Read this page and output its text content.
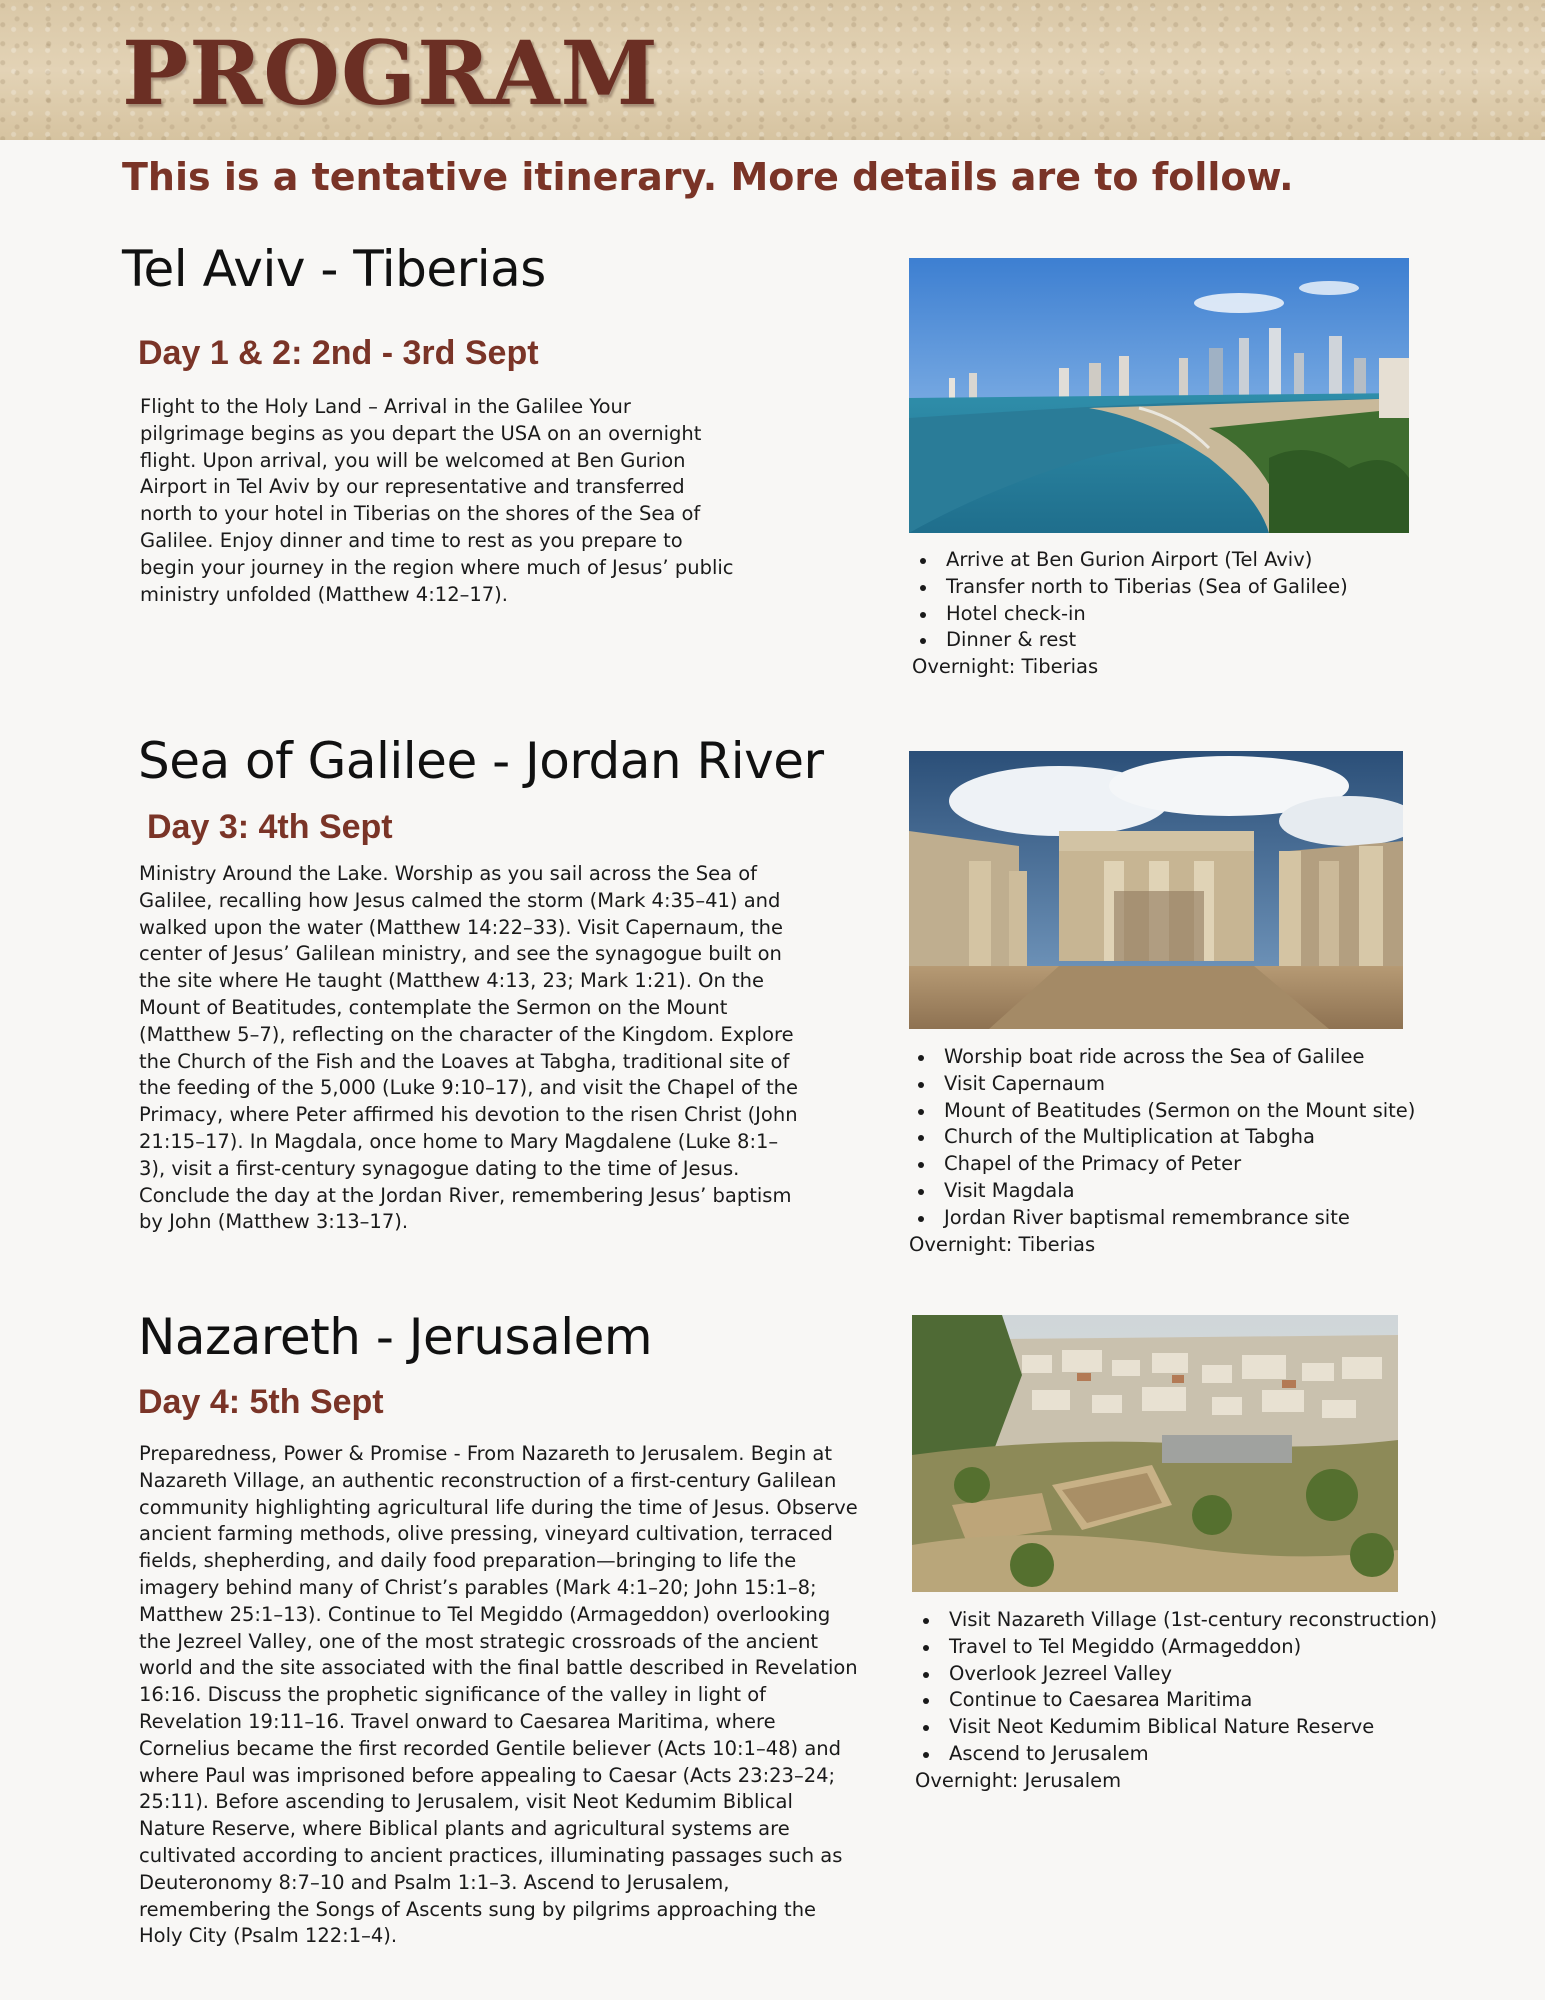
PROGRAM
This is a tentative itinerary. More details are to follow.
Tel Aviv - Tiberias
Day 1 & 2: 2nd - 3rd Sept

Flight to the Holy Land – Arrival in the Galilee Your pilgrimage begins as you depart the USA on an overnight flight. Upon arrival, you will be welcomed at Ben Gurion Airport in Tel Aviv by our representative and transferred north to your hotel in Tiberias on the shores of the Sea of Galilee. Enjoy dinner and time to rest as you prepare to begin your journey in the region where much of Jesus’ public ministry unfolded (Matthew 4:12–17).

Arrive at Ben Gurion Airport (Tel Aviv)
Transfer north to Tiberias (Sea of Galilee)
Hotel check-in
Dinner & rest
Overnight: Tiberias
Sea of Galilee - Jordan River
Day 3: 4th Sept

Ministry Around the Lake. Worship as you sail across the Sea of Galilee, recalling how Jesus calmed the storm (Mark 4:35–41) and walked upon the water (Matthew 14:22–33). Visit Capernaum, the center of Jesus’ Galilean ministry, and see the synagogue built on the site where He taught (Matthew 4:13, 23; Mark 1:21). On the Mount of Beatitudes, contemplate the Sermon on the Mount (Matthew 5–7), reflecting on the character of the Kingdom. Explore the Church of the Fish and the Loaves at Tabgha, traditional site of the feeding of the 5,000 (Luke 9:10–17), and visit the Chapel of the Primacy, where Peter affirmed his devotion to the risen Christ (John 21:15–17). In Magdala, once home to Mary Magdalene (Luke 8:1–3), visit a first-century synagogue dating to the time of Jesus. Conclude the day at the Jordan River, remembering Jesus’ baptism by John (Matthew 3:13–17).

Worship boat ride across the Sea of Galilee
Visit Capernaum
Mount of Beatitudes (Sermon on the Mount site)
Church of the Multiplication at Tabgha
Chapel of the Primacy of Peter
Visit Magdala
Jordan River baptismal remembrance site
Overnight: Tiberias
Nazareth - Jerusalem
Day 4: 5th Sept

Preparedness, Power & Promise - From Nazareth to Jerusalem. Begin at Nazareth Village, an authentic reconstruction of a first-century Galilean community highlighting agricultural life during the time of Jesus. Observe ancient farming methods, olive pressing, vineyard cultivation, terraced fields, shepherding, and daily food preparation—bringing to life the imagery behind many of Christ’s parables (Mark 4:1–20; John 15:1–8; Matthew 25:1–13). Continue to Tel Megiddo (Armageddon) overlooking the Jezreel Valley, one of the most strategic crossroads of the ancient world and the site associated with the final battle described in Revelation 16:16. Discuss the prophetic significance of the valley in light of Revelation 19:11–16. Travel onward to Caesarea Maritima, where Cornelius became the first recorded Gentile believer (Acts 10:1–48) and where Paul was imprisoned before appealing to Caesar (Acts 23:23–24; 25:11). Before ascending to Jerusalem, visit Neot Kedumim Biblical Nature Reserve, where Biblical plants and agricultural systems are cultivated according to ancient practices, illuminating passages such as Deuteronomy 8:7–10 and Psalm 1:1–3. Ascend to Jerusalem, remembering the Songs of Ascents sung by pilgrims approaching the Holy City (Psalm 122:1–4).

Visit Nazareth Village (1st-century reconstruction)
Travel to Tel Megiddo (Armageddon)
Overlook Jezreel Valley
Continue to Caesarea Maritima
Visit Neot Kedumim Biblical Nature Reserve
Ascend to Jerusalem
Overnight: Jerusalem
